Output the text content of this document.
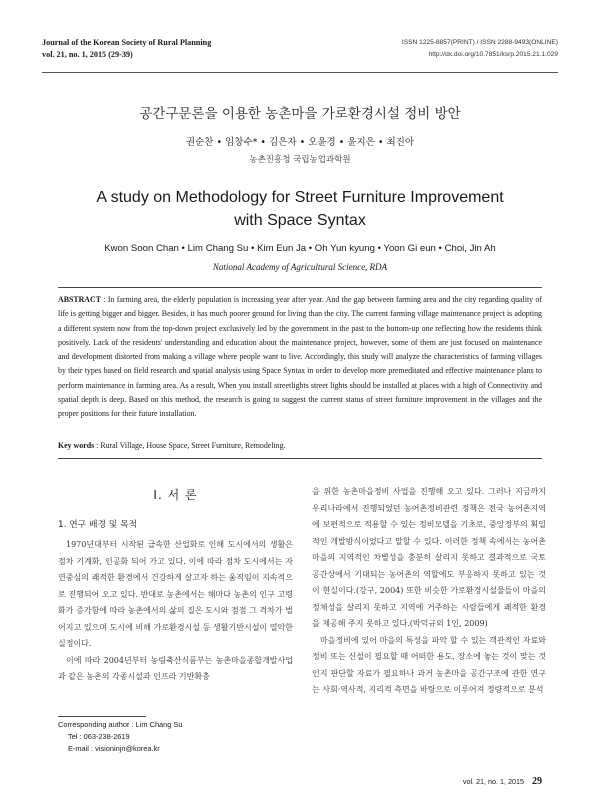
Journal of the Korean Society of Rural Planning
vol. 21, no. 1, 2015 (29-39)
ISSN 1225-8857(PRINT) / ISSN 2288-9493(ONLINE)
http://dx.doi.org/10.7851/ksrp.2015.21.1.029
공간구문론을 이용한 농촌마을 가로환경시설 정비 방안
권순찬 • 임창수* • 김은자 • 오윤경 • 윤지은 • 최진아
농촌진흥청 국립농업과학원
A study on Methodology for Street Furniture Improvement
with Space Syntax
Kwon Soon Chan • Lim Chang Su • Kim Eun Ja • Oh Yun kyung • Yoon Gi eun • Choi, Jin Ah
National Academy of Agricultural Science, RDA
ABSTRACT : In farming area, the elderly population is increasing year after year. And the gap between farming area and the city regarding quality of life is getting bigger and bigger. Besides, it has much poorer ground for living than the city. The current farming village maintenance project is adopting a different system now from the top-down project exclusively led by the government in the past to the bottom-up one reflecting how the residents think positively. Lack of the residents' understanding and education about the maintenance project, however, some of them are just focused on maintenance and development distorted from making a village where people want to live. Accordingly, this study will analyze the characteristics of farming villages by their types based on field research and spatial analysis using Space Syntax in order to develop more premeditated and effective maintenance plans to perform maintenance in farming area. As a result, When you install streetlights street lights should be installed at places with a high of Connectivity and spatial depth is deep. Based on this method, the research is going to suggest the current status of street furniture improvement in the villages and the proper positions for their future installation.
Key words : Rural Village, House Space, Street Furniture, Remodeling.
Ⅰ. 서 론
1. 연구 배경 및 목적

1970년대부터 시작된 급속한 산업화로 인해 도시에서의 생활은 점차 기계화, 인공화 되어 가고 있다. 이에 따라 점차 도시에서는 자연중심의 쾌적한 환경에서 건강하게 살고자 하는 움직임이 지속적으로 진행되어 오고 있다. 반대로 농촌에서는 해마다 농촌의 인구 고령화가 증가함에 따라 농촌에서의 삶의 질은 도시와 점점 그 격차가 벌어지고 있으며 도시에 비해 가로환경시설 등 생활기반시설이 열악한 실정이다.

이에 따라 2004년부터 농림축산식품부는 농촌마을종합개발사업과 같은 농촌의 각종시설과 인프라 기반확충

Corresponding author : Lim Chang Su
Tel : 063-238-2619
E-mail : visioninjn@korea.kr

을 위한 농촌마을정비 사업을 진행해 오고 있다. 그러나 지금까지 우리나라에서 진행되었던 농어촌정비관련 정책은 전국 농어촌지역에 보편적으로 적용할 수 있는 정비모델을 기초로, 중앙정부의 획일적인 개발방식이었다고 말할 수 있다. 이러한 정책 속에서는 농어촌마을의 지역적인 차별성을 충분히 살리지 못하고 결과적으로 국토공간상에서 기대되는 농어촌의 역할에도 부응하지 못하고 있는 것이 현실이다.(강구, 2004) 또한 비슷한 가로환경시설물들이 마을의 정체성을 살리지 못하고 지역에 거주하는 사람들에게 쾌적한 환경을 제공해 주지 못하고 있다.(박덕규외 1인, 2009)

마을정비에 있어 마을의 특성을 파악 할 수 있는 객관적인 자료와 정비 또는 신설이 필요할 때 어떠한 용도, 장소에 놓는 것이 맞는 것인지 판단할 자료가 필요하나 과거 농촌마을 공간구조에 관한 연구는 사회·역사적, 지리적 측면을 바탕으로 이루어져 정량적으로 분석

vol. 21, no. 1, 2015 29
